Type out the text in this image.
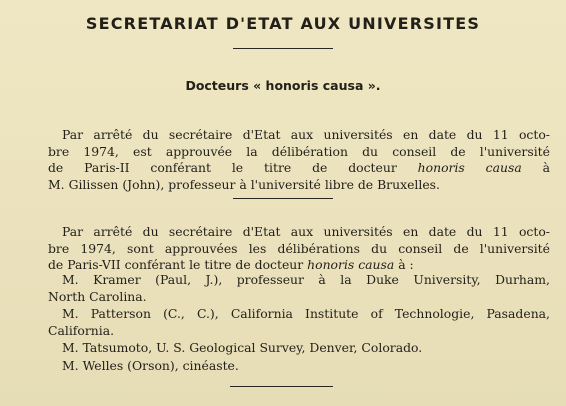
SECRETARIAT D'ETAT AUX UNIVERSITES
Docteurs « honoris causa ».
Par arrêté du secrétaire d'Etat aux universités en date du 11 octo-
bre 1974, est approuvée la délibération du conseil de l'université
de Paris-II conférant le titre de docteur honoris causa à
M. Gilissen (John), professeur à l'université libre de Bruxelles.
Par arrêté du secrétaire d'Etat aux universités en date du 11 octo-
bre 1974, sont approuvées les délibérations du conseil de l'université
de Paris-VII conférant le titre de docteur honoris causa à :
M. Kramer (Paul, J.), professeur à la Duke University, Durham,
North Carolina.
M. Patterson (C., C.), California Institute of Technologie, Pasadena,
California.
M. Tatsumoto, U. S. Geological Survey, Denver, Colorado.
M. Welles (Orson), cinéaste.
